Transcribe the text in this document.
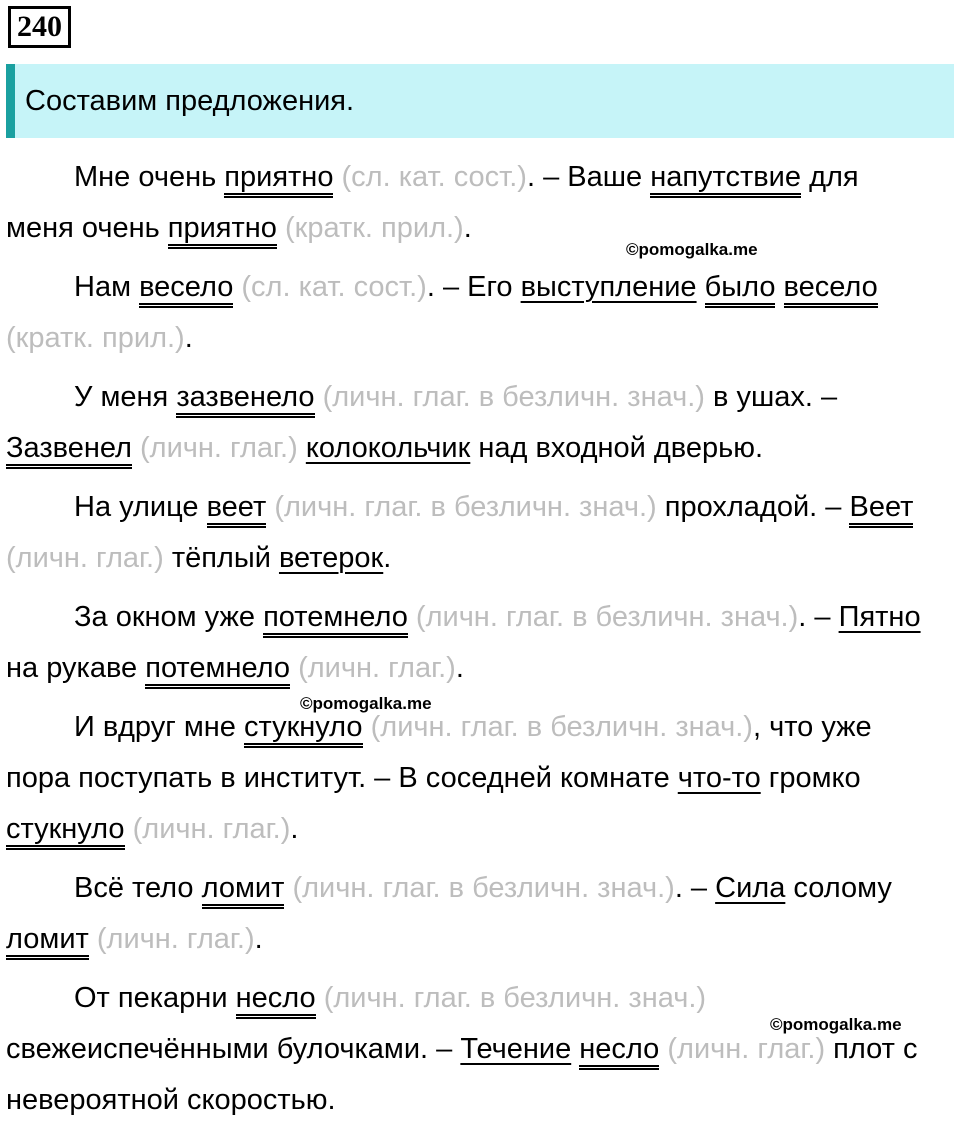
240
Составим предложения.

Мне очень приятно (сл. кат. сост.). – Ваше напутствие для меня очень приятно (кратк. прил.).

Нам весело (сл. кат. сост.). – Его выступление было весело (кратк. прил.).

У меня зазвенело (личн. глаг. в безличн. знач.) в ушах. – Зазвенел (личн. глаг.) колокольчик над входной дверью.

На улице веет (личн. глаг. в безличн. знач.) прохладой. – Веет (личн. глаг.) тёплый ветерок.

За окном уже потемнело (личн. глаг. в безличн. знач.). – Пятно на рукаве потемнело (личн. глаг.).

И вдруг мне стукнуло (личн. глаг. в безличн. знач.), что уже пора поступать в институт. – В соседней комнате что-то громко стукнуло (личн. глаг.).

Всё тело ломит (личн. глаг. в безличн. знач.). – Сила солому ломит (личн. глаг.).

От пекарни несло (личн. глаг. в безличн. знач.) свежеиспечёнными булочками. – Течение несло (личн. глаг.) плот с невероятной скоростью.

©pomogalka.me
©pomogalka.me
©pomogalka.me
